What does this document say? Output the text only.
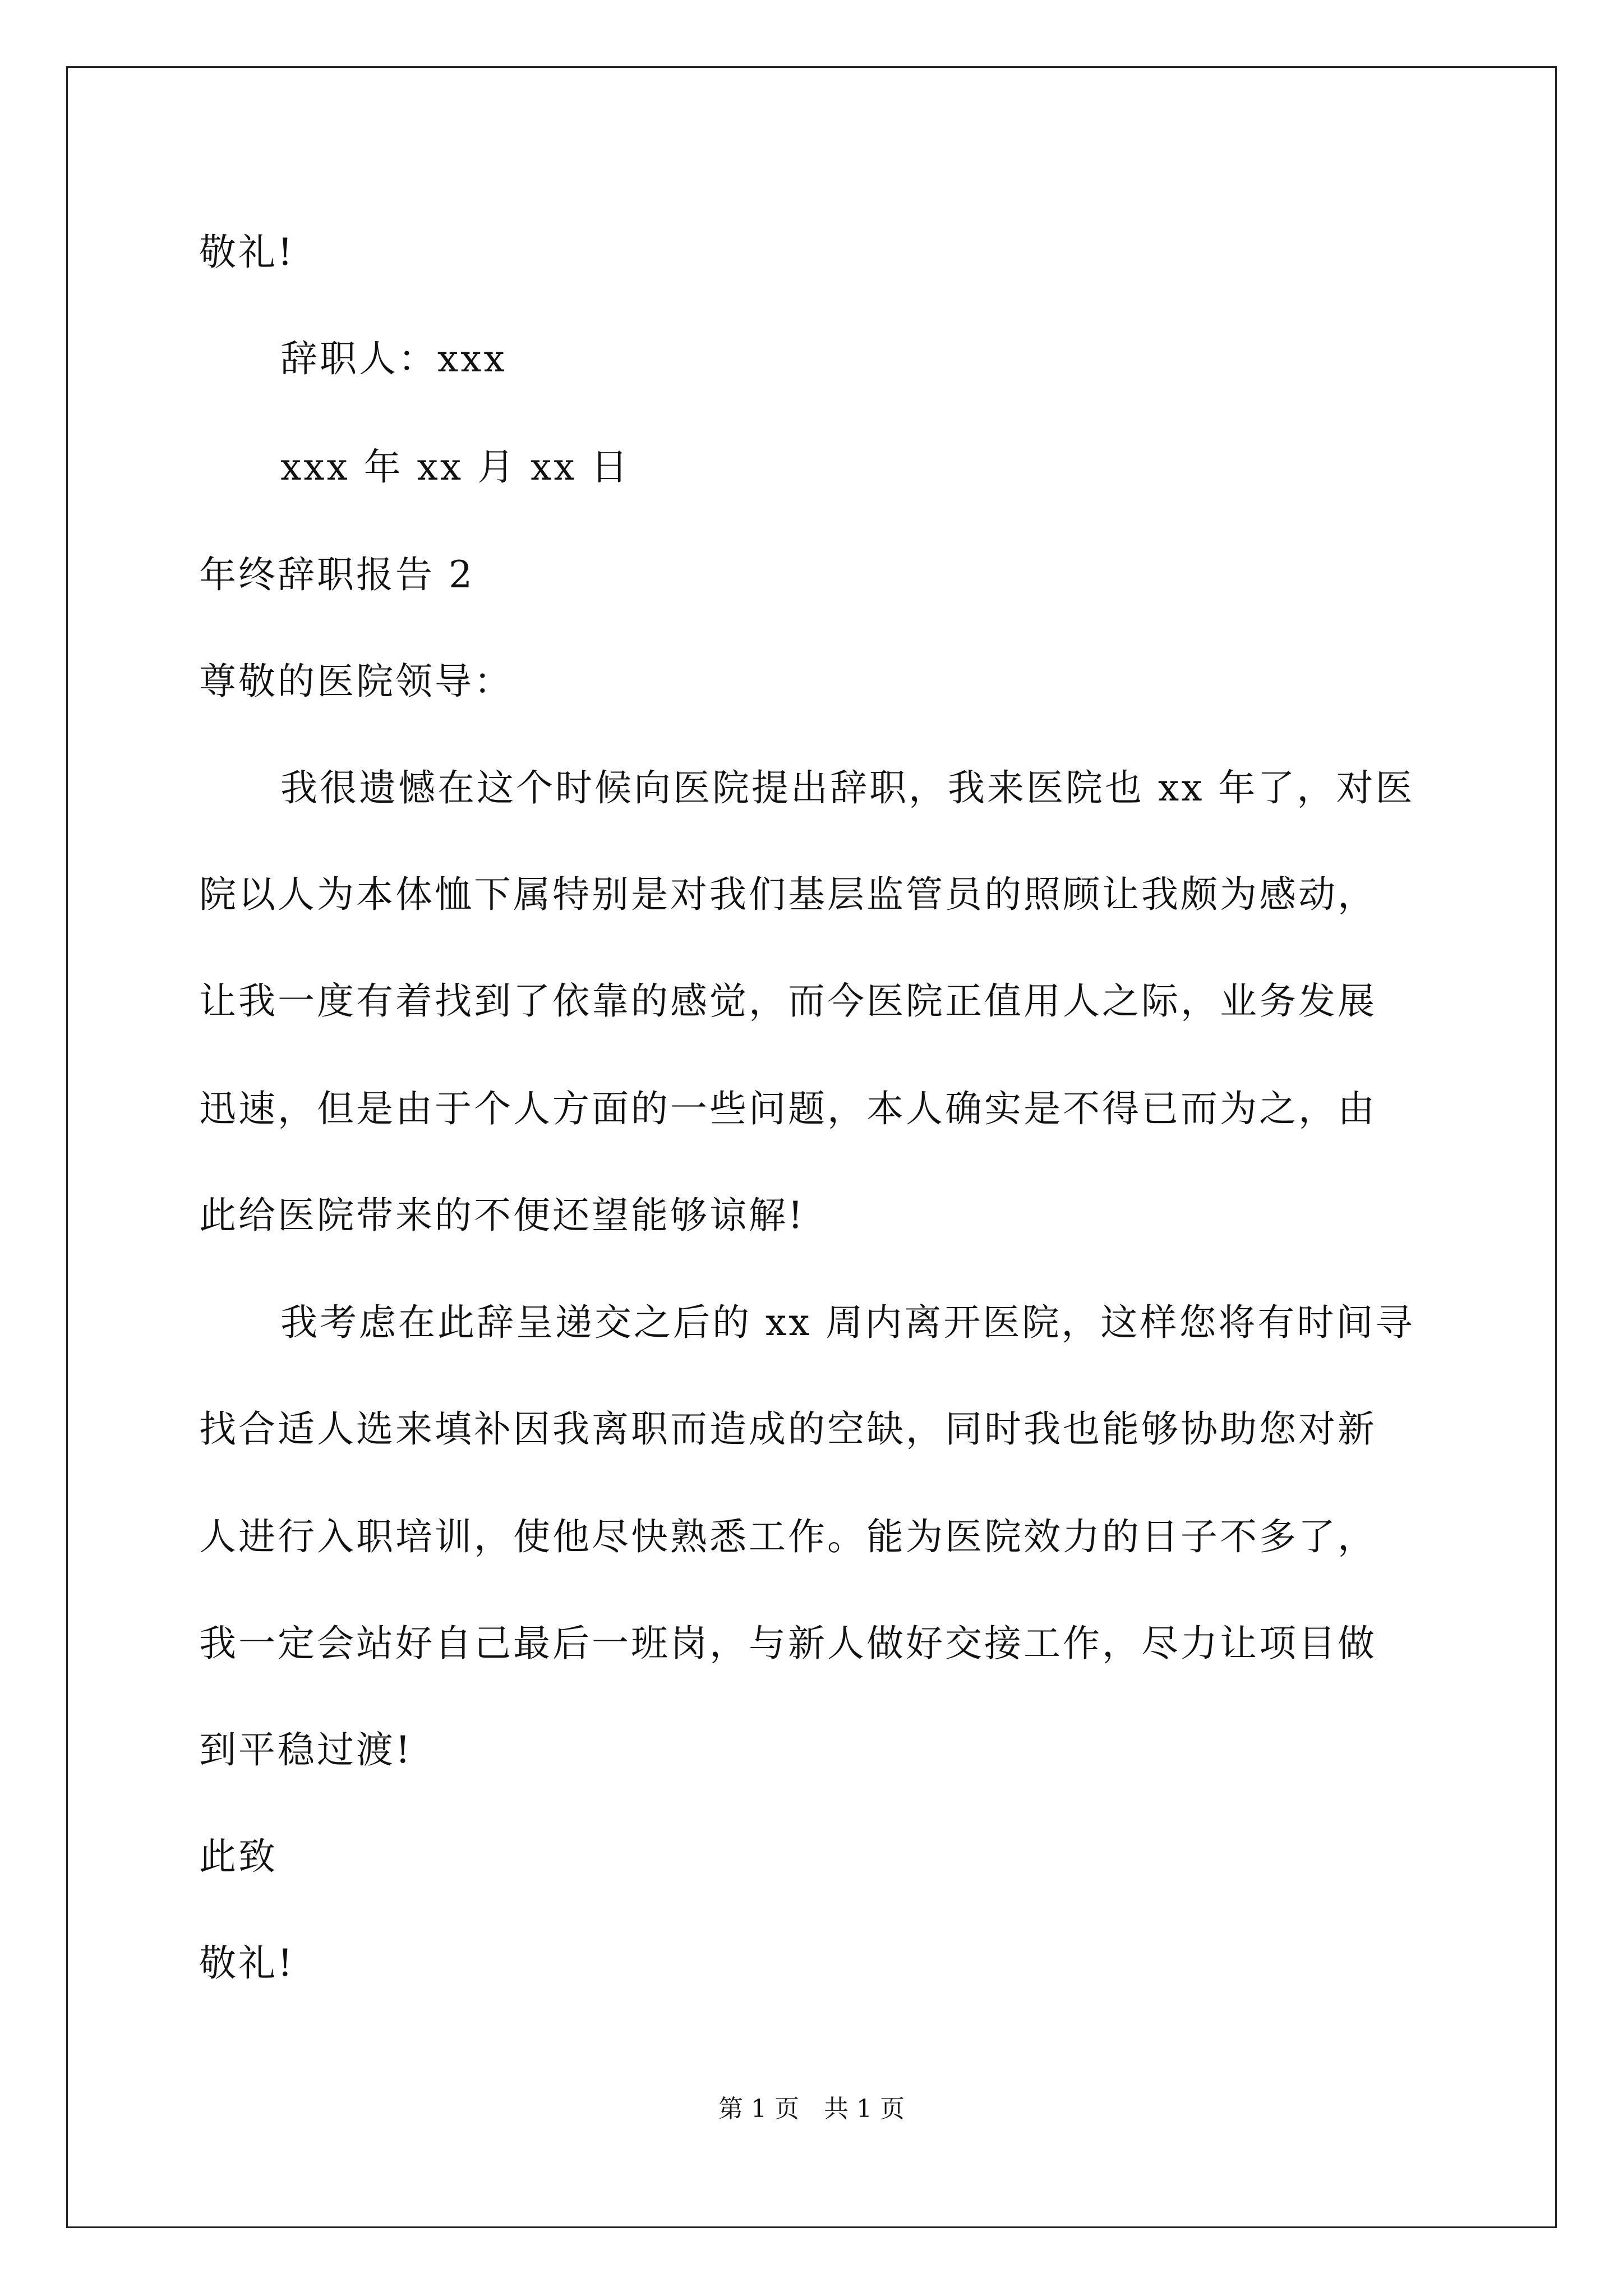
敬礼!
辞职人：xxx
xxx 年 xx 月 xx 日
年终辞职报告 2
尊敬的医院领导：
我很遗憾在这个时候向医院提出辞职，我来医院也 xx 年了，对医
院以人为本体恤下属特别是对我们基层监管员的照顾让我颇为感动，
让我一度有着找到了依靠的感觉，而今医院正值用人之际，业务发展
迅速，但是由于个人方面的一些问题，本人确实是不得已而为之，由
此给医院带来的不便还望能够谅解!
我考虑在此辞呈递交之后的 xx 周内离开医院，这样您将有时间寻
找合适人选来填补因我离职而造成的空缺，同时我也能够协助您对新
人进行入职培训，使他尽快熟悉工作。能为医院效力的日子不多了，
我一定会站好自己最后一班岗，与新人做好交接工作，尽力让项目做
到平稳过渡!
此致
敬礼!
第 1 页 共 1 页
